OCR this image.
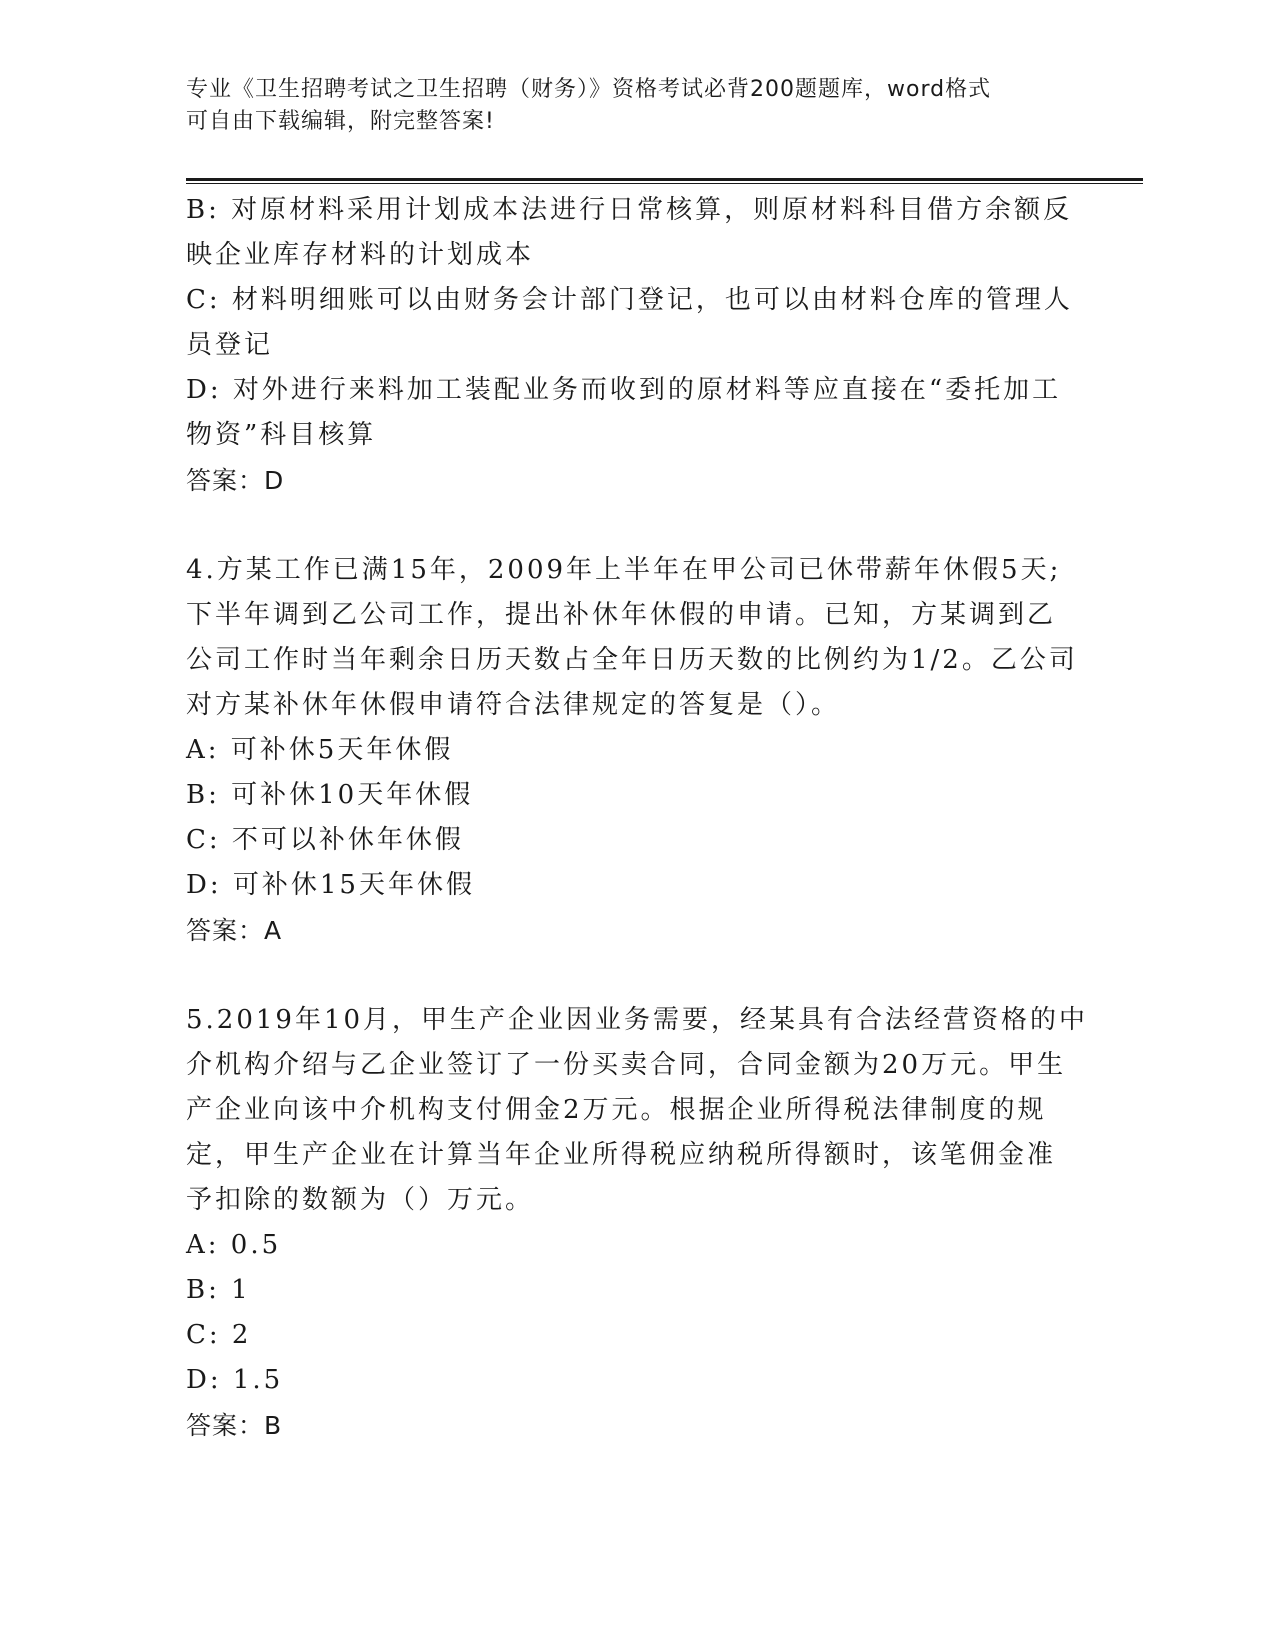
专业《卫生招聘考试之卫生招聘（财务）》资格考试必背200题题库，word格式
可自由下载编辑，附完整答案!
B: 对原材料采用计划成本法进行日常核算，则原材料科目借方余额反
映企业库存材料的计划成本
C: 材料明细账可以由财务会计部门登记，也可以由材料仓库的管理人
员登记
D: 对外进行来料加工装配业务而收到的原材料等应直接在“委托加工
物资”科目核算
答案：D
4.方某工作已满15年，2009年上半年在甲公司已休带薪年休假5天;
下半年调到乙公司工作，提出补休年休假的申请。已知，方某调到乙
公司工作时当年剩余日历天数占全年日历天数的比例约为1/2。乙公司
对方某补休年休假申请符合法律规定的答复是（）。
A: 可补休5天年休假
B: 可补休10天年休假
C: 不可以补休年休假
D: 可补休15天年休假
答案：A
5.2019年10月，甲生产企业因业务需要，经某具有合法经营资格的中
介机构介绍与乙企业签订了一份买卖合同，合同金额为20万元。甲生
产企业向该中介机构支付佣金2万元。根据企业所得税法律制度的规
定，甲生产企业在计算当年企业所得税应纳税所得额时，该笔佣金准
予扣除的数额为（）万元。
A: 0.5
B: 1
C: 2
D: 1.5
答案：B
